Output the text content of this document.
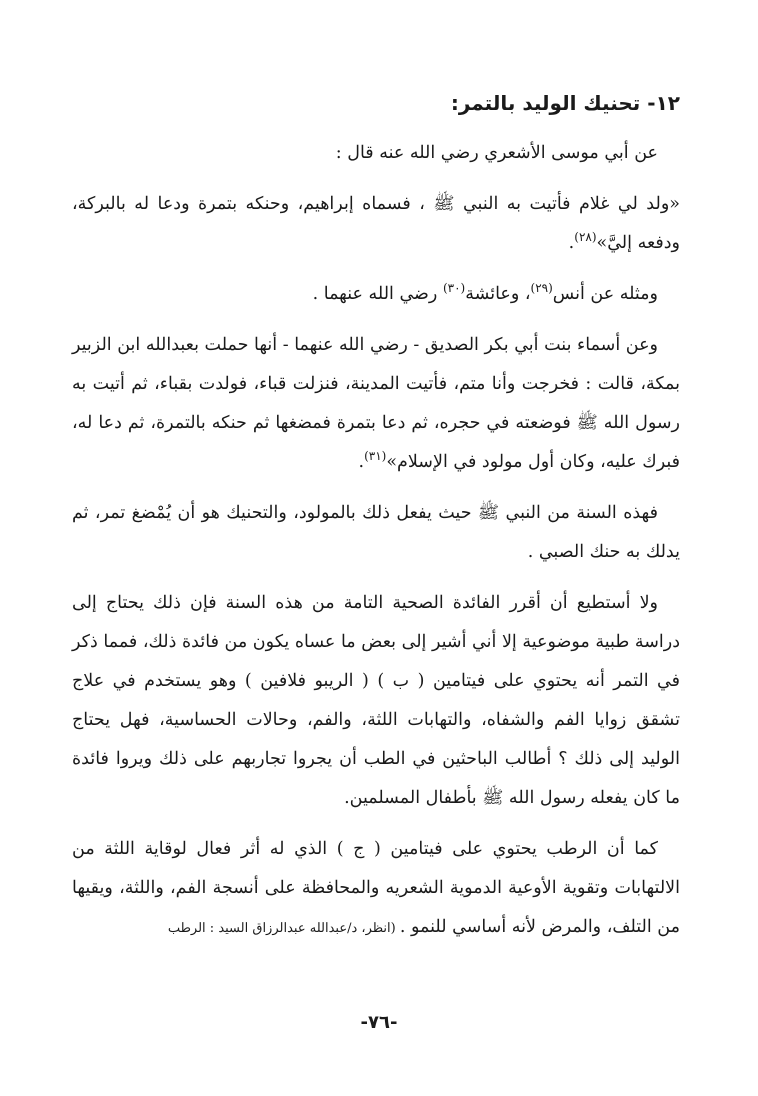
١٢- تحنيك الوليد بالتمر:

عن أبي موسى الأشعري رضي الله عنه قال :

«ولد لي غلام فأتيت به النبي ﷺ ، فسماه إبراهيم، وحنكه بتمرة ودعا له بالبركة، ودفعه إليَّ»$^{(٢٨)}$.

ومثله عن أنس$^{(٢٩)}$، وعائشة$^{(٣٠)}$ رضي الله عنهما .

وعن أسماء بنت أبي بكر الصديق - رضي الله عنهما - أنها حملت بعبدالله ابن الزبير بمكة، قالت : فخرجت وأنا متم، فأتيت المدينة، فنزلت قباء، فولدت بقباء، ثم أتيت به رسول الله ﷺ فوضعته في حجره، ثم دعا بتمرة فمضغها ثم حنكه بالتمرة، ثم دعا له، فبرك عليه، وكان أول مولود في الإسلام»$^{(٣١)}$.

فهذه السنة من النبي ﷺ حيث يفعل ذلك بالمولود، والتحنيك هو أن يُمْضغ تمر، ثم يدلك به حنك الصبي .

ولا أستطيع أن أقرر الفائدة الصحية التامة من هذه السنة فإن ذلك يحتاج إلى دراسة طبية موضوعية إلا أني أشير إلى بعض ما عساه يكون من فائدة ذلك، فمما ذكر في التمر أنه يحتوي على فيتامين ( ب ) ( الريبو فلافين ) وهو يستخدم في علاج تشقق زوايا الفم والشفاه، والتهابات اللثة، والفم، وحالات الحساسية، فهل يحتاج الوليد إلى ذلك ؟ أطالب الباحثين في الطب أن يجروا تجاربهم على ذلك ويروا فائدة ما كان يفعله رسول الله ﷺ بأطفال المسلمين.

كما أن الرطب يحتوي على فيتامين ( ج ) الذي له أثر فعال لوقاية اللثة من الالتهابات وتقوية الأوعية الدموية الشعريه والمحافظة على أنسجة الفم، واللثة، ويقيها من التلف، والمرض لأنه أساسي للنمو . (انظر، د/عبدالله عبدالرزاق السيد : الرطب

-٧٦-
